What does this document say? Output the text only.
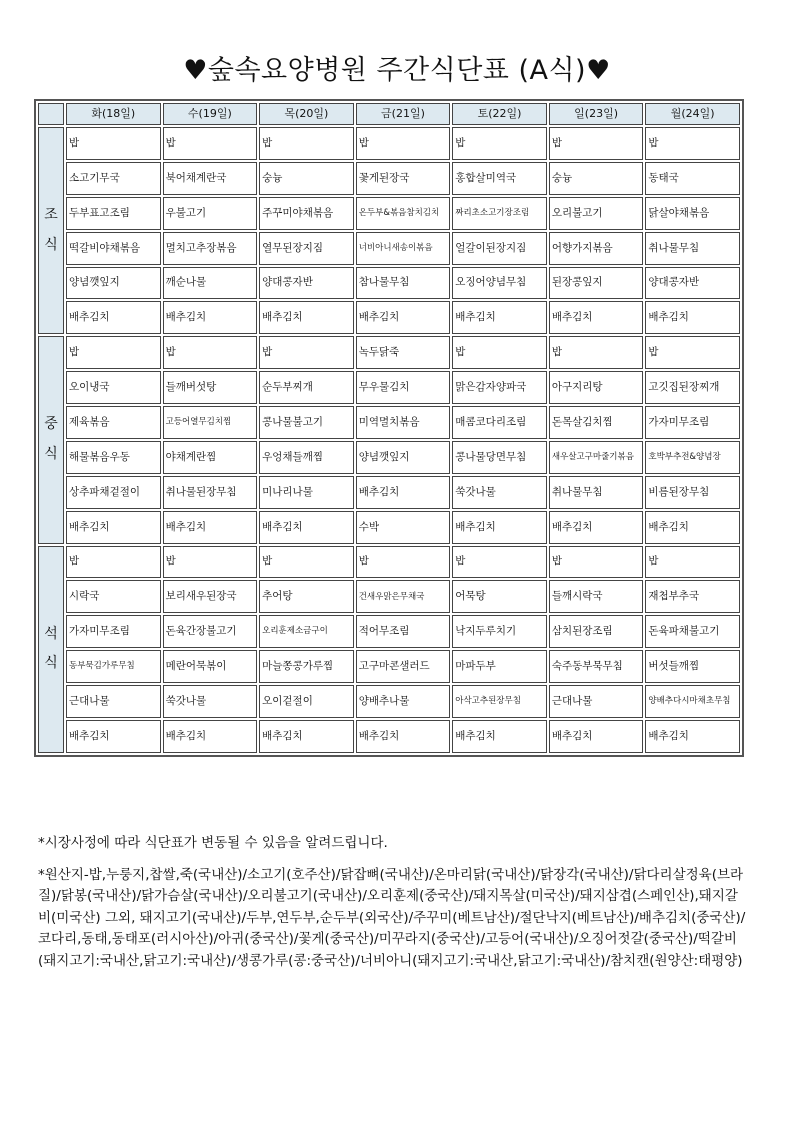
♥숲속요양병원 주간식단표 (A식)♥
	화(18일)	수(19일)	목(20일)	금(21일)	토(22일)	일(23일)	월(24일)

조
식	밥	밥	밥	밥	밥	밥	밥
	소고기무국	북어채계란국	숭늉	꽃게된장국	홍합살미역국	숭늉	동태국
	두부표고조림	우불고기	주꾸미야채볶음	온두부&볶음참치김치	짜리초소고기장조림	오리불고기	닭살야채볶음
	떡갈비야채볶음	멸치고추장볶음	열무된장지짐	너비아니새송이볶음	얼갈이된장지짐	어향가지볶음	취나물무침
	양념깻잎지	깨순나물	양대콩자반	참나물무침	오징어양념무침	된장콩잎지	양대콩자반
	배추김치	배추김치	배추김치	배추김치	배추김치	배추김치	배추김치

중
식	밥	밥	밥	녹두닭죽	밥	밥	밥
	오이냉국	들깨버섯탕	순두부찌개	무우물김치	맑은감자양파국	아구지리탕	고깃집된장찌개
	제육볶음	고등어열무김치찜	콩나물불고기	미역멸치볶음	매콤코다리조림	돈목살김치찜	가자미무조림
	해물볶음우동	야채계란찜	우엉채들깨찜	양념깻잎지	콩나물당면무침	새우살고구마줄기볶음	호박부추전&양념장
	상추파채겉절이	취나물된장무침	미나리나물	배추김치	쑥갓나물	취나물무침	비름된장무침
	배추김치	배추김치	배추김치	수박	배추김치	배추김치	배추김치

석
식	밥	밥	밥	밥	밥	밥	밥
	시락국	보리새우된장국	추어탕	건새우맑은무채국	어묵탕	들깨시락국	재첩부추국
	가자미무조림	돈육간장불고기	오리훈제소금구이	적어무조림	낙지두루치기	삼치된장조림	돈육파채불고기
	동부묵김가루무침	메란어묵볶이	마늘쫑콩가루찜	고구마콘샐러드	마파두부	숙주동부묵무침	버섯들깨찜
	근대나물	쑥갓나물	오이겉절이	양배추나물	아삭고추된장무침	근대나물	양배추다시마채초무침
	배추김치	배추김치	배추김치	배추김치	배추김치	배추김치	배추김치

*시장사정에 따라 식단표가 변동될 수 있음을 알려드립니다.

*원산지-밥,누룽지,찹쌀,죽(국내산)/소고기(호주산)/닭잡뼈(국내산)/온마리닭(국내산)/닭장각(국내산)/닭다리살정육(브라질)/닭봉(국내산)/닭가슴살(국내산)/오리불고기(국내산)/오리훈제(중국산)/돼지목살(미국산)/돼지삼겹(스페인산),돼지갈비(미국산) 그외, 돼지고기(국내산)/두부,연두부,순두부(외국산)/주꾸미(베트남산)/절단낙지(베트남산)/배추김치(중국산)/코다리,동태,동태포(러시아산)/아귀(중국산)/꽃게(중국산)/미꾸라지(중국산)/고등어(국내산)/오징어젓갈(중국산)/떡갈비(돼지고기:국내산,닭고기:국내산)/생콩가루(콩:중국산)/너비아니(돼지고기:국내산,닭고기:국내산)/참치캔(원양산:태평양)
